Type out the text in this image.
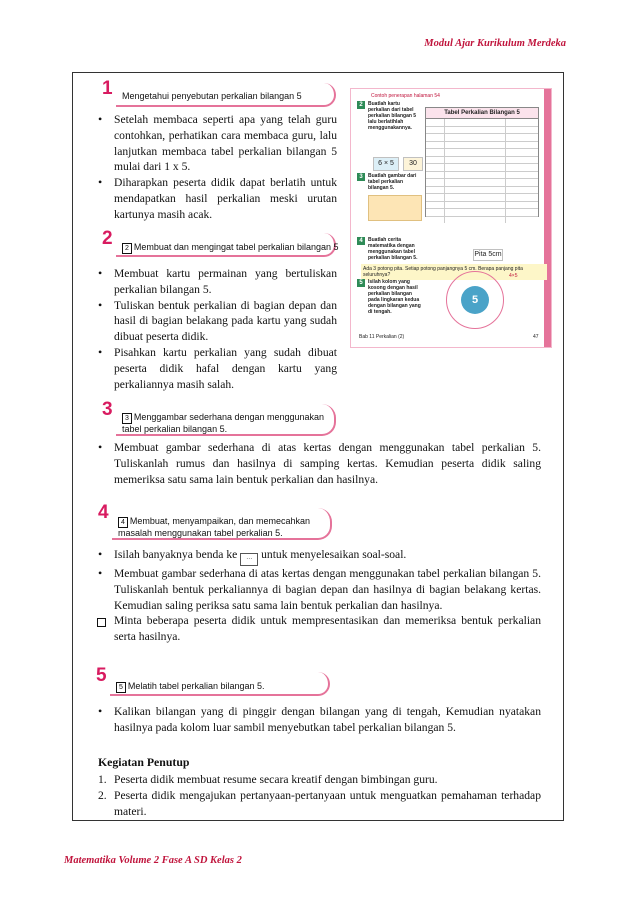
Modul Ajar Kurikulum Merdeka
1 Mengetahui penyebutan perkalian bilangan 5
• Setelah membaca seperti apa yang telah guru contohkan, perhatikan cara membaca guru, lalu lanjutkan membaca tabel perkalian bilangan 5 mulai dari 1 x 5.
• Diharapkan peserta didik dapat berlatih untuk mendapatkan hasil perkalian meski urutan kartunya masih acak.
2	2 Membuat dan mengingat tabel perkalian bilangan 5
• Membuat kartu permainan yang bertuliskan perkalian bilangan 5.
• Tuliskan bentuk perkalian di bagian depan dan hasil di bagian belakang pada kartu yang sudah dibuat peserta didik.
• Pisahkan kartu perkalian yang sudah dibuat peserta didik hafal dengan kartu yang perkaliannya masih salah.
Contoh penerapan halaman 54
2	Buatlah kartu perkalian dari tabel perkalian bilangan 5 lalu berlatihlah menggunakannya.
6 × 5	30
3	Buatlah gambar dari tabel perkalian bilangan 5.
Tabel Perkalian Bilangan 5
4	Buatlah cerita matematika dengan menggunakan tabel perkalian bilangan 5.	Pita 5cm
Ada 3 potong pita. Setiap potong panjangnya 5 cm. Berapa panjang pita seluruhnya?
5	Isilah kolom yang kosong dengan hasil perkalian bilangan pada lingkaran kedua dengan bilangan yang di tengah.
5
4×5
Bab 11 Perkalian (2)	47
3	3 Menggambar sederhana dengan menggunakan tabel perkalian bilangan 5.
• Membuat gambar sederhana di atas kertas dengan menggunakan tabel perkalian 5. Tuliskanlah rumus dan hasilnya di samping kertas. Kemudian peserta didik saling memeriksa satu sama lain bentuk perkalian dan hasilnya.
4	4 Membuat, menyampaikan, dan memecahkan masalah menggunakan tabel perkalian 5.
• Isilah banyaknya benda ke … untuk menyelesaikan soal-soal.
• Membuat gambar sederhana di atas kertas dengan menggunakan tabel perkalian bilangan 5. Tuliskanlah bentuk perkaliannya di bagian depan dan hasilnya di bagian belakang kertas. Kemudian saling periksa satu sama lain bentuk perkalian dan hasilnya.
Minta beberapa peserta didik untuk mempresentasikan dan memeriksa bentuk perkalian serta hasilnya.
5
5 Melatih tabel perkalian bilangan 5.
• Kalikan bilangan yang di pinggir dengan bilangan yang di tengah, Kemudian nyatakan hasilnya pada kolom luar sambil menyebutkan tabel perkalian bilangan 5.
Kegiatan Penutup
1. Peserta didik membuat resume secara kreatif dengan bimbingan guru.
2. Peserta didik mengajukan pertanyaan-pertanyaan untuk menguatkan pemahaman terhadap materi.
Matematika Volume 2 Fase A SD Kelas 2
